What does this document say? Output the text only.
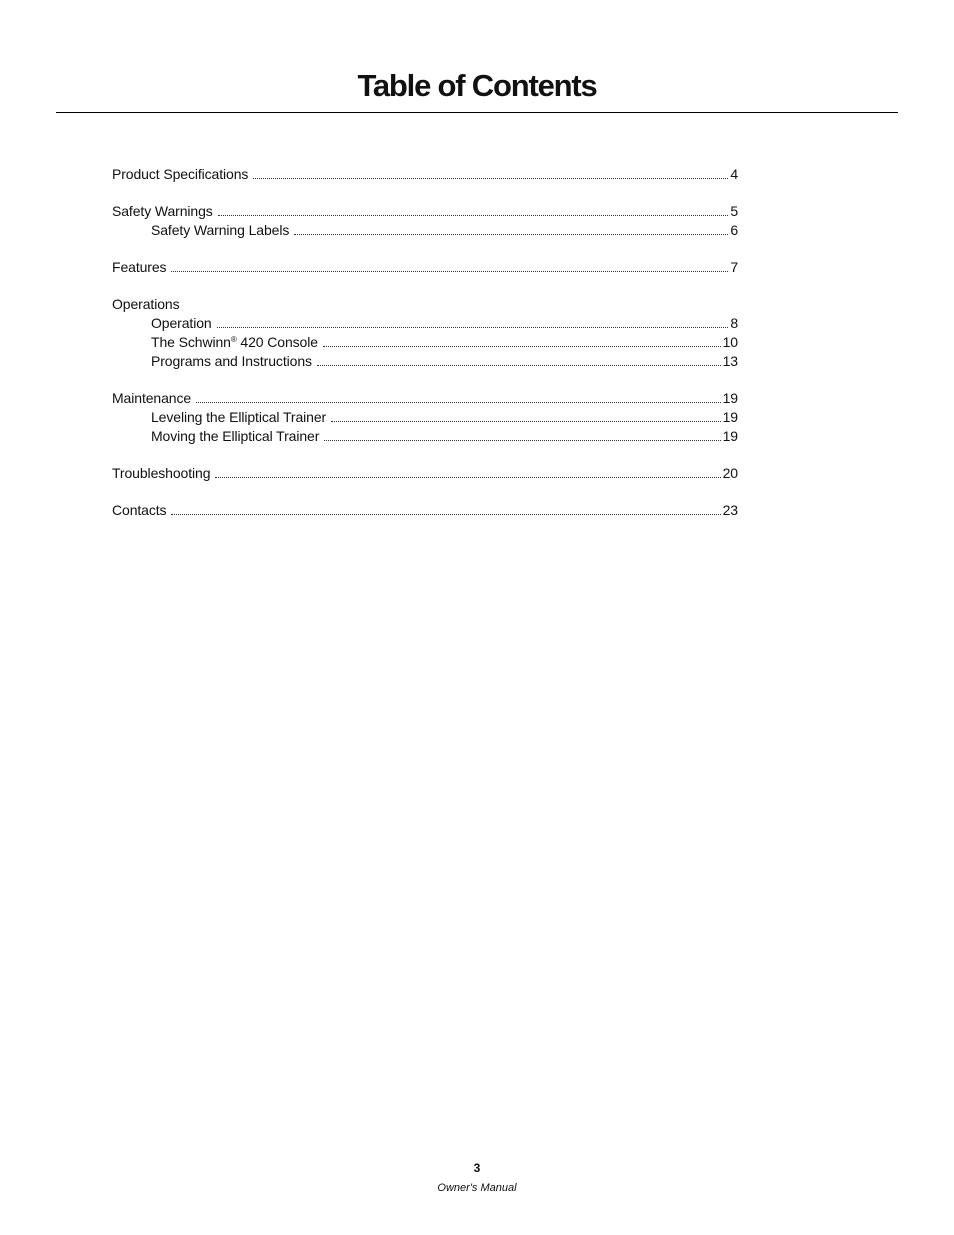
Table of Contents
Product Specifications	4
Safety Warnings	5
Safety Warning Labels	6
Features	7
Operations
Operation	8
The Schwinn® 420 Console	10
Programs and Instructions	13
Maintenance	19
Leveling the Elliptical Trainer	19
Moving the Elliptical Trainer	19
Troubleshooting	20
Contacts	23
3
Owner's Manual
